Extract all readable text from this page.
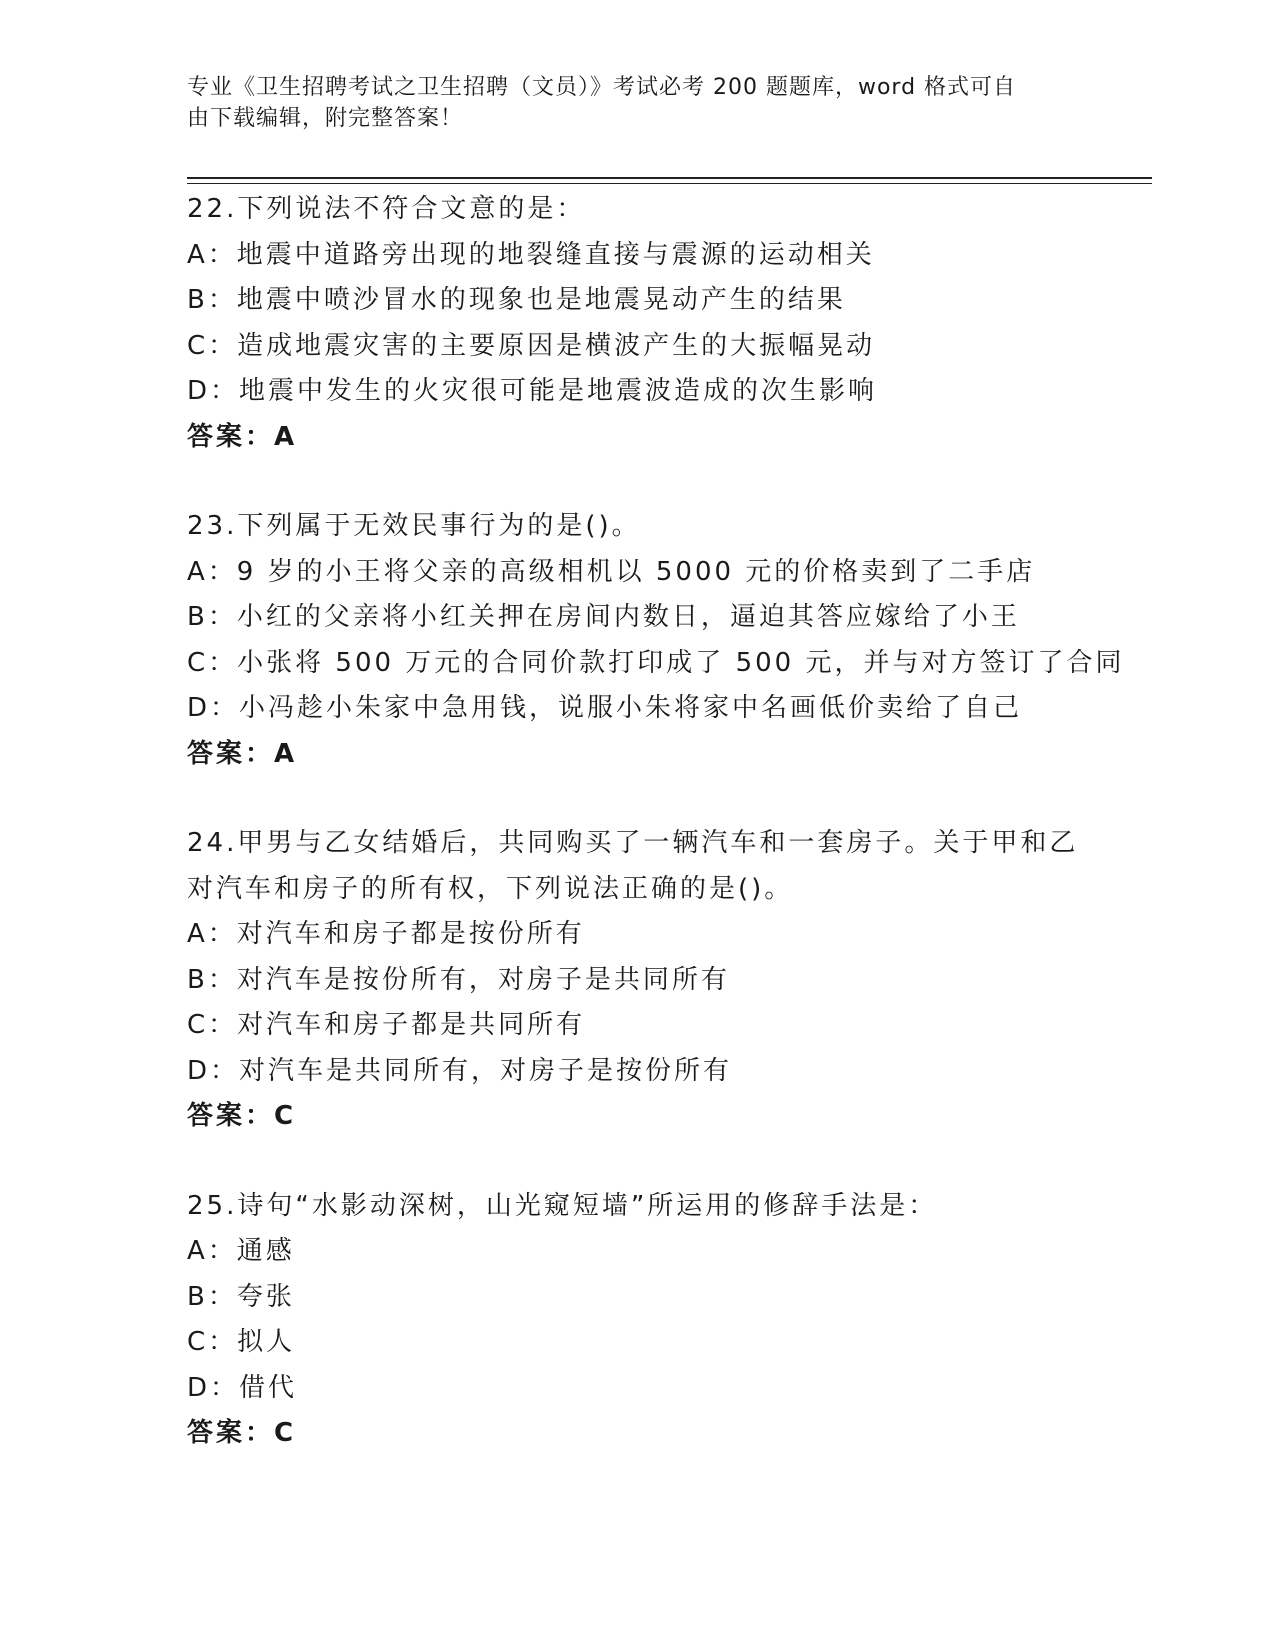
专业《卫生招聘考试之卫生招聘（文员）》考试必考 200 题题库，word 格式可自
由下载编辑，附完整答案！
22.下列说法不符合文意的是：
A：地震中道路旁出现的地裂缝直接与震源的运动相关
B：地震中喷沙冒水的现象也是地震晃动产生的结果
C：造成地震灾害的主要原因是横波产生的大振幅晃动
D：地震中发生的火灾很可能是地震波造成的次生影响
答案：A
23.下列属于无效民事行为的是()。
A：9 岁的小王将父亲的高级相机以 5000 元的价格卖到了二手店
B：小红的父亲将小红关押在房间内数日，逼迫其答应嫁给了小王
C：小张将 500 万元的合同价款打印成了 500 元，并与对方签订了合同
D：小冯趁小朱家中急用钱，说服小朱将家中名画低价卖给了自己
答案：A
24.甲男与乙女结婚后，共同购买了一辆汽车和一套房子。关于甲和乙
对汽车和房子的所有权，下列说法正确的是()。
A：对汽车和房子都是按份所有
B：对汽车是按份所有，对房子是共同所有
C：对汽车和房子都是共同所有
D：对汽车是共同所有，对房子是按份所有
答案：C
25.诗句“水影动深树，山光窥短墙”所运用的修辞手法是：
A：通感
B：夸张
C：拟人
D：借代
答案：C
